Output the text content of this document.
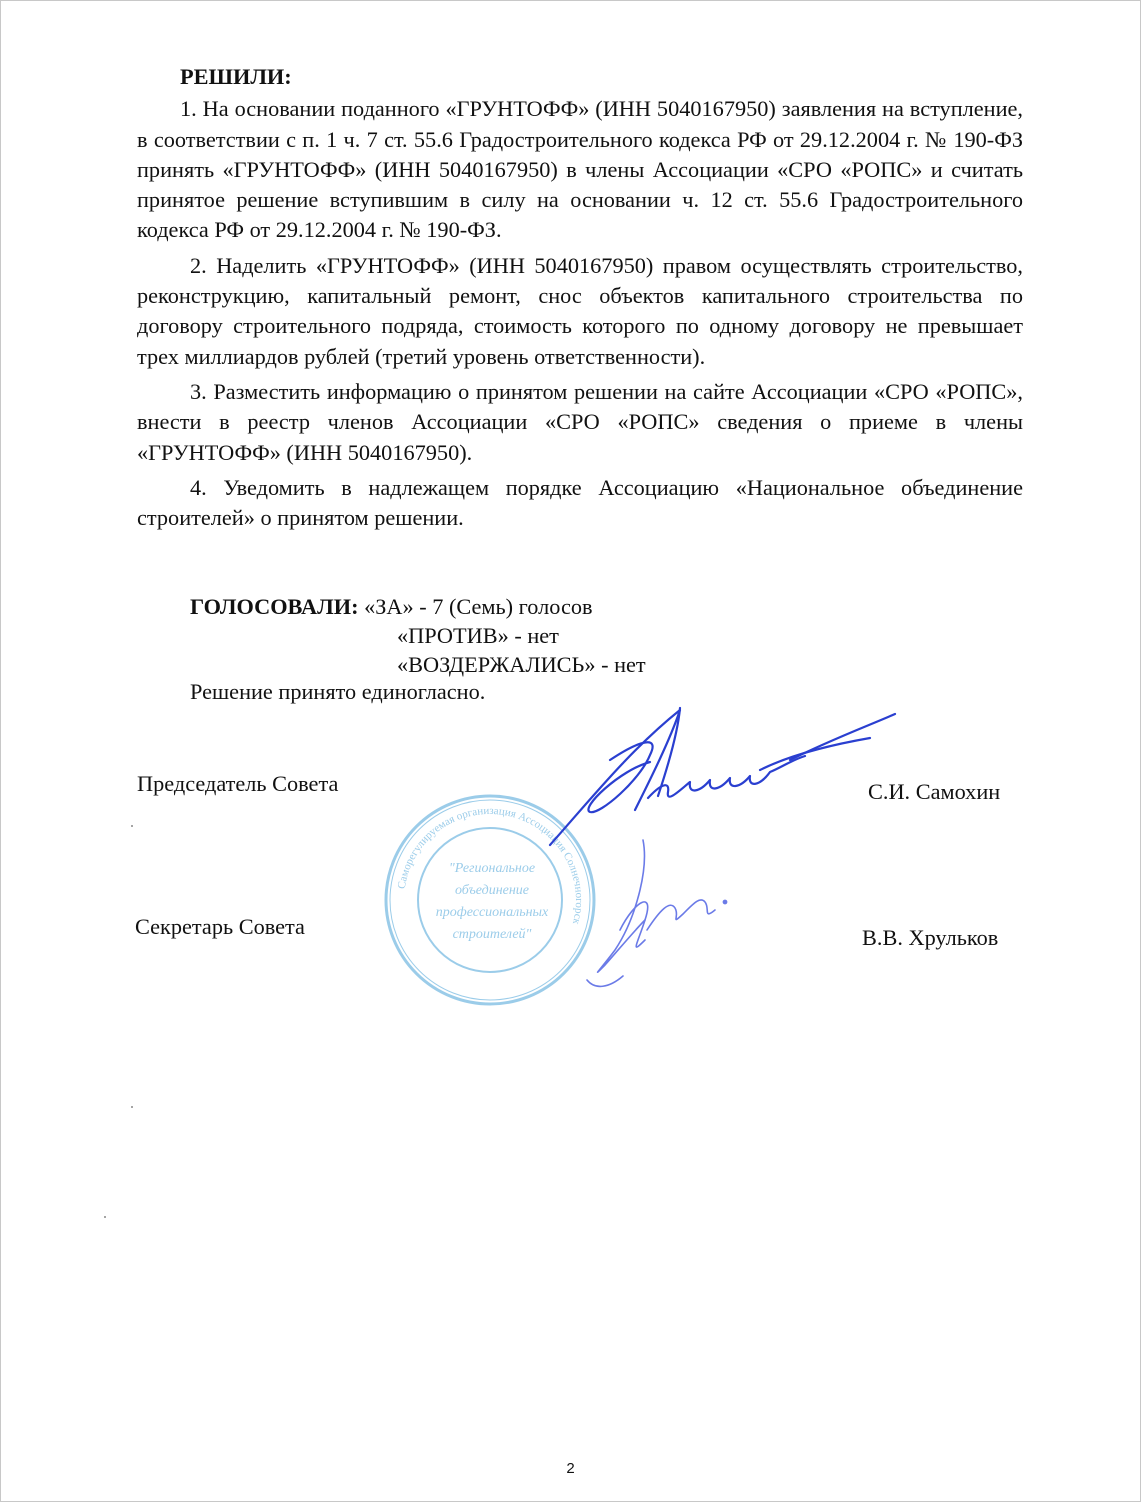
РЕШИЛИ:

1. На основании поданного «ГРУНТОФФ» (ИНН 5040167950) заявления на вступление, в соответствии с п. 1 ч. 7 ст. 55.6 Градостроительного кодекса РФ от 29.12.2004 г. № 190-ФЗ принять «ГРУНТОФФ» (ИНН 5040167950) в члены Ассоциации «СРО «РОПС» и считать принятое решение вступившим в силу на основании ч. 12 ст. 55.6 Градостроительного кодекса РФ от 29.12.2004 г. № 190-ФЗ.

2. Наделить «ГРУНТОФФ» (ИНН 5040167950) правом осуществлять строительство, реконструкцию, капитальный ремонт, снос объектов капитального строительства по договору строительного подряда, стоимость которого по одному договору не превышает трех миллиардов рублей (третий уровень ответственности).

3. Разместить информацию о принятом решении на сайте Ассоциации «СРО «РОПС», внести в реестр членов Ассоциации «СРО «РОПС» сведения о приеме в члены «ГРУНТОФФ» (ИНН 5040167950).

4. Уведомить в надлежащем порядке Ассоциацию «Национальное объединение строителей» о принятом решении.

ГОЛОСОВАЛИ: «ЗА» - 7 (Семь) голосов
«ПРОТИВ» - нет
«ВОЗДЕРЖАЛИСЬ» - нет
Решение принято единогласно.
Председатель Совета	С.И. Самохин
Секретарь Совета	В.В. Хрульков
Саморегулируемая организация Ассоциация Солнечногорск
"Региональное
объединение
профессиональных
строителей"
2
